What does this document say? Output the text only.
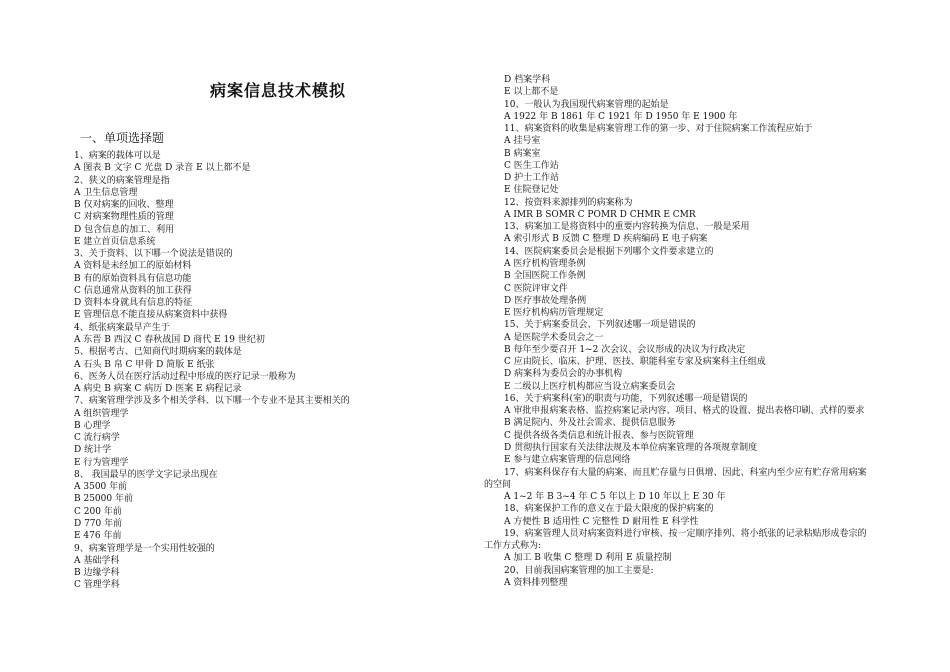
病案信息技术模拟
一、单项选择题
1、病案的载体可以是
A 图表 B 文字 C 光盘 D 录音 E 以上都不是
2、狭义的病案管理是指
A 卫生信息管理
B 仅对病案的回收、整理
C 对病案物理性质的管理
D 包含信息的加工、利用
E 建立首页信息系统
3、关于资料、以下哪一个说法是错误的
A 资料是未经加工的原始材料
B 有的原始资料具有信息功能
C 信息通常从资料的加工获得
D 资料本身就具有信息的特征
E 管理信息不能直接从病案资料中获得
4、纸张病案最早产生于
A 东晋 B 西汉 C 春秋战国 D 商代 E 19 世纪初
5、根据考古、已知商代时期病案的载体是
A 石头 B 帛 C 甲骨 D 简版 E 纸张
6、医务人员在医疗活动过程中形成的医疗记录一般称为
A 病史 B 病案 C 病历 D 医案 E 病程记录
7、病案管理学涉及多个相关学科、以下哪一个专业不是其主要相关的
A 组织管理学
B 心理学
C 流行病学
D 统计学
E 行为管理学
8、 我国最早的医学文字记录出现在
A 3500 年前
B 25000 年前
C 200 年前
D 770 年前
E 476 年前
9、病案管理学是一个实用性较强的
A 基础学科
B 边缘学科
C 管理学科
D 档案学科
E 以上都不是
10、一般认为我国现代病案管理的起始是
A 1922 年 B 1861 年 C 1921 年 D 1950 年 E 1900 年
11、病案资料的收集是病案管理工作的第一步、对于住院病案工作流程应始于
A 挂号室
B 病案室
C 医生工作站
D 护士工作站
E 住院登记处
12、按资料来源排列的病案称为
A IMR B SOMR C POMR D CHMR E CMR
13、病案加工是将资料中的重要内容转换为信息、一般是采用
A 索引形式 B 反馈 C 整理 D 疾病编码 E 电子病案
14、医院病案委员会是根据下列哪个文件要求建立的
A 医疗机构管理条例
B 全国医院工作条例
C 医院评审文件
D 医疗事故处理条例
E 医疗机构病历管理规定
15、关于病案委员会、下列叙述哪一项是错误的
A 是医院学术委员会之一
B 每年至少要召开 1~2 次会议、会议形成的决议为行政决定
C 应由院长、临床、护理、医技、职能科室专家及病案科主任组成
D 病案科为委员会的办事机构
E 二级以上医疗机构都应当设立病案委员会
16、关于病案科(室)的职责与功能，下列叙述哪一项是错误的
A 审批申报病案表格、监控病案记录内容、项目、格式的设置、提出表格印刷、式样的要求
B 满足院内、外及社会需求、提供信息服务
C 提供各级各类信息和统计报表、参与医院管理
D 贯彻执行国家有关法律法规及本单位病案管理的各项规章制度
E 参与建立病案管理的信息网络
17、病案科保存有大量的病案、而且贮存量与日俱增、因此、科室内至少应有贮存常用病案
的空间
A 1~2 年 B 3~4 年 C 5 年以上 D 10 年以上 E 30 年
18、病案保护工作的意义在于最大限度的保护病案的
A 方便性 B 适用性 C 完整性 D 耐用性 E 科学性
19、病案管理人员对病案资料进行审核、按一定顺序排列、将小纸张的记录粘贴形成卷宗的
工作方式称为:
A 加工 B 收集 C 整理 D 利用 E 质量控制
20、目前我国病案管理的加工主要是:
A 资料排列整理
